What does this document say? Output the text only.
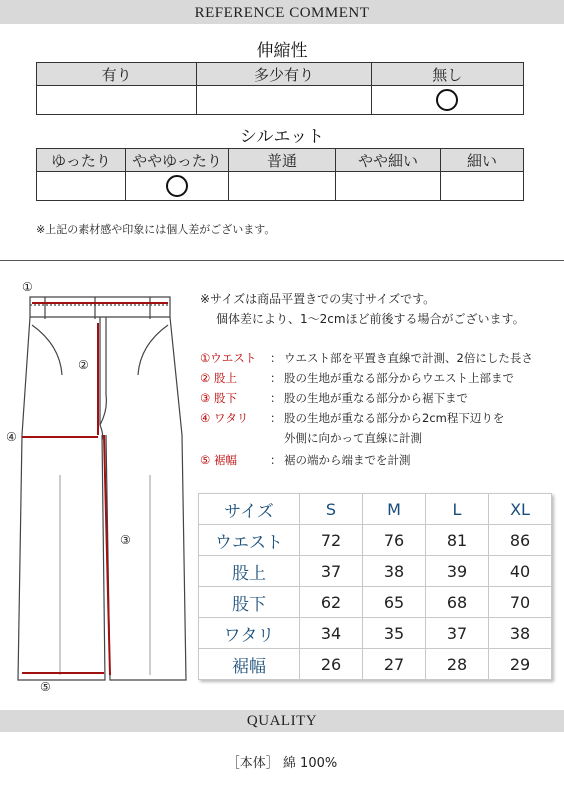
REFERENCE COMMENT
伸縮性
有り	多少有り	無し

シルエット
ゆったり	ややゆったり	普通	やや細い	細い

※上記の素材感や印象には個人差がございます。
①
②
③
④
⑤
※サイズは商品平置きでの実寸サイズです。
個体差により、1～2cmほど前後する場合がございます。
①ウエスト ： ウエスト部を平置き直線で計測、2倍にした長さ
② 股上	： 股の生地が重なる部分からウエスト上部まで
③ 股下	： 股の生地が重なる部分から裾下まで
④ ワタリ ： 股の生地が重なる部分から2cm程下辺りを
外側に向かって直線に計測
⑤ 裾幅	： 裾の端から端までを計測
サイズ	S	M	L	XL
ウエスト	72	76	81	86
股上	37	38	39	40
股下	62	65	68	70
ワタリ	34	35	37	38
裾幅	26	27	28	29
QUALITY
［本体］ 綿 100%
